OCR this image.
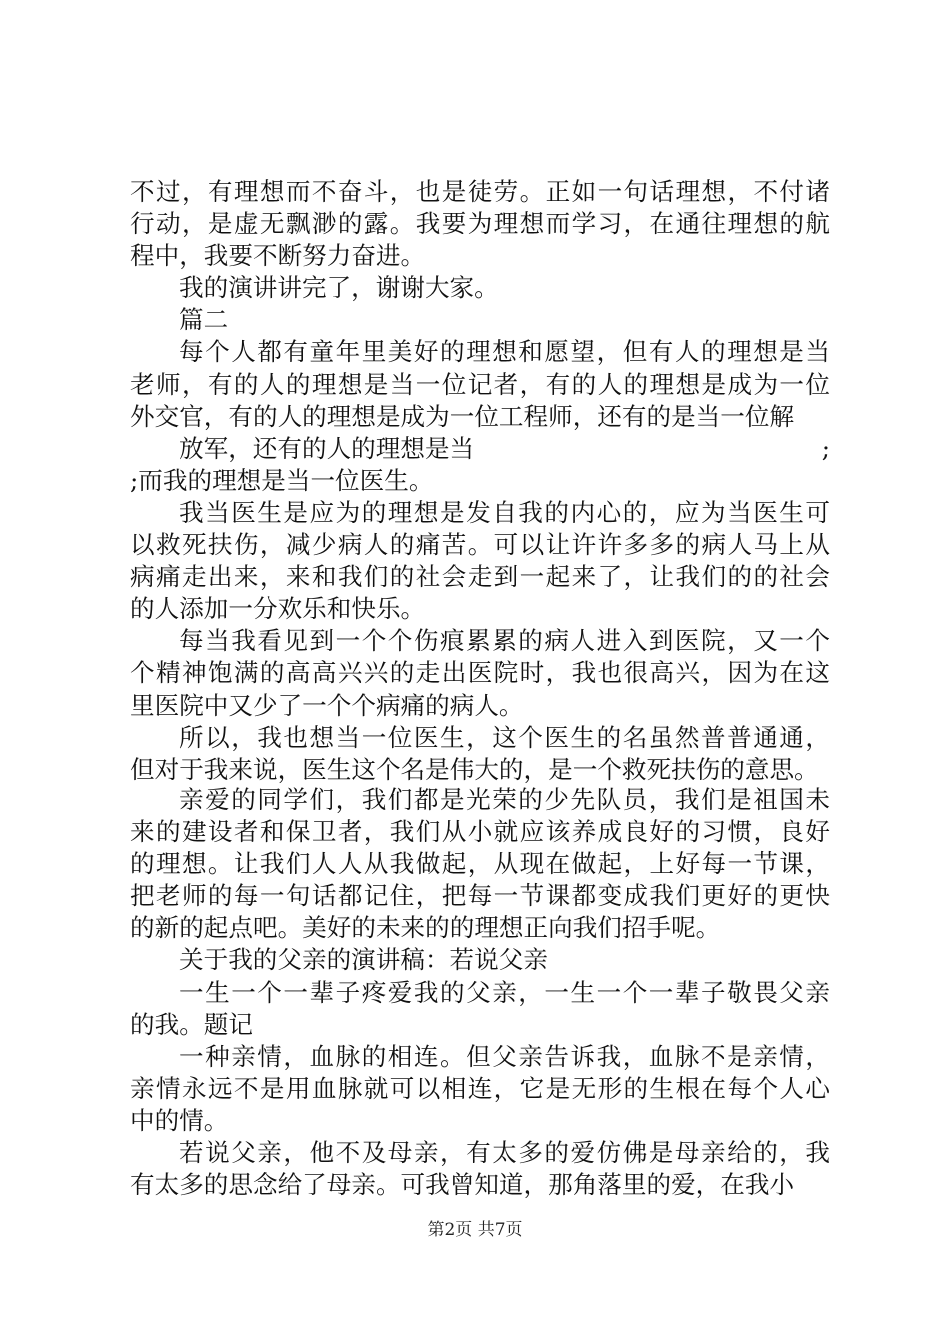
不过，有理想而不奋斗，也是徒劳。正如一句话理想，不付诸
行动，是虚无飘渺的露。我要为理想而学习，在通往理想的航
程中，我要不断努力奋进。
我的演讲讲完了，谢谢大家。
篇二
每个人都有童年里美好的理想和愿望，但有人的理想是当
老师，有的人的理想是当一位记者，有的人的理想是成为一位
外交官，有的人的理想是成为一位工程师，还有的是当一位解
放军，还有的人的理想是当	;
;而我的理想是当一位医生。
我当医生是应为的理想是发自我的内心的，应为当医生可
以救死扶伤，减少病人的痛苦。可以让许许多多的病人马上从
病痛走出来，来和我们的社会走到一起来了，让我们的的社会
的人添加一分欢乐和快乐。
每当我看见到一个个伤痕累累的病人进入到医院，又一个
个精神饱满的高高兴兴的走出医院时，我也很高兴，因为在这
里医院中又少了一个个病痛的病人。
所以，我也想当一位医生，这个医生的名虽然普普通通，
但对于我来说，医生这个名是伟大的，是一个救死扶伤的意思。
亲爱的同学们，我们都是光荣的少先队员，我们是祖国未
来的建设者和保卫者，我们从小就应该养成良好的习惯，良好
的理想。让我们人人从我做起，从现在做起，上好每一节课，
把老师的每一句话都记住，把每一节课都变成我们更好的更快
的新的起点吧。美好的未来的的理想正向我们招手呢。
关于我的父亲的演讲稿：若说父亲
一生一个一辈子疼爱我的父亲，一生一个一辈子敬畏父亲
的我。题记
一种亲情，血脉的相连。但父亲告诉我，血脉不是亲情，
亲情永远不是用血脉就可以相连，它是无形的生根在每个人心
中的情。
若说父亲，他不及母亲，有太多的爱仿佛是母亲给的，我
有太多的思念给了母亲。可我曾知道，那角落里的爱，在我小
第2页 共7页
